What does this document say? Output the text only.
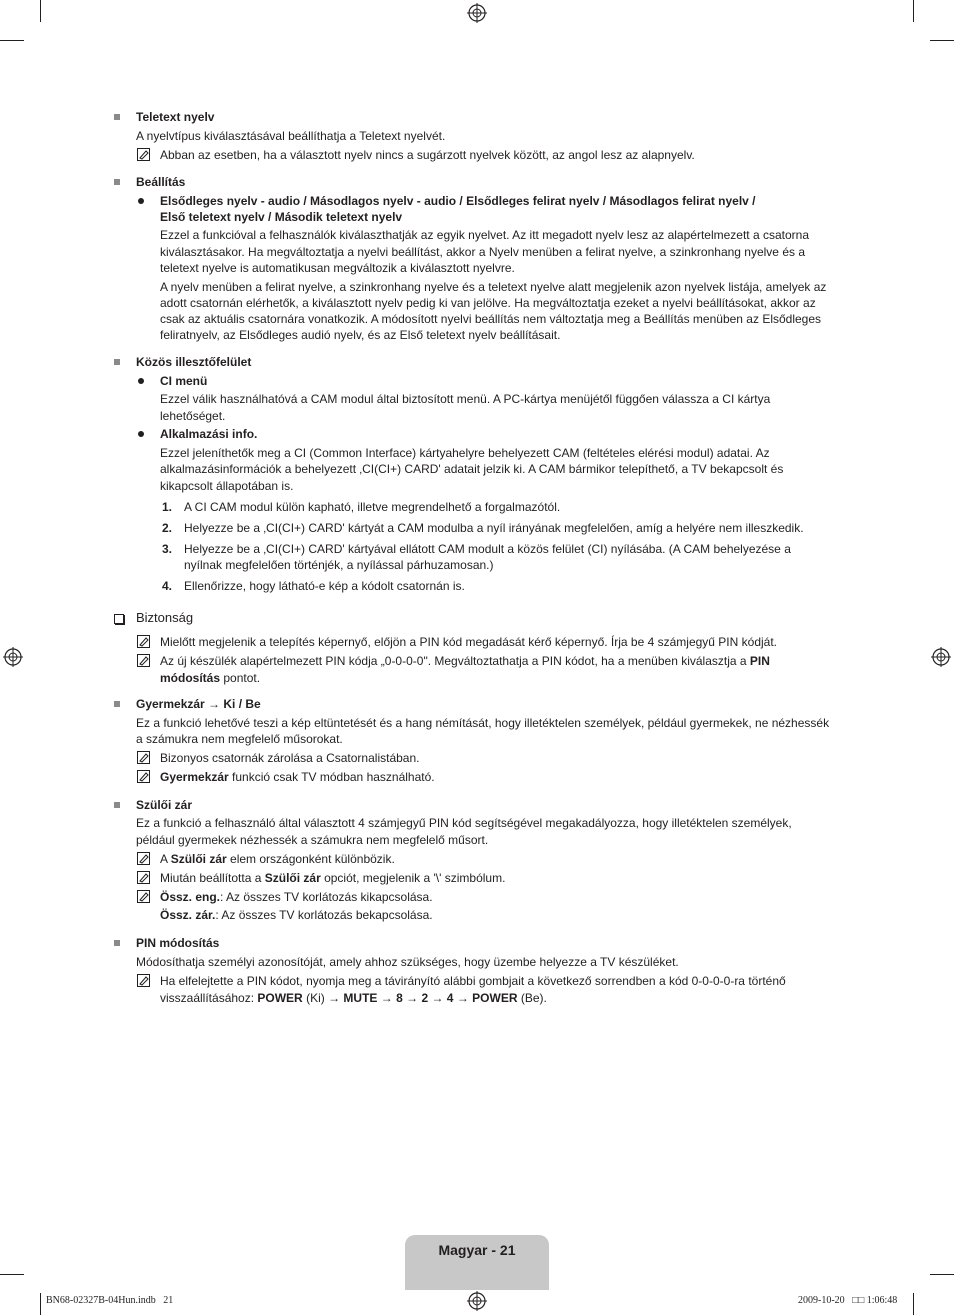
Teletext nyelv
A nyelvtípus kiválasztásával beállíthatja a Teletext nyelvét.
Abban az esetben, ha a választott nyelv nincs a sugárzott nyelvek között, az angol lesz az alapnyelv.
Beállítás
Elsődleges nyelv - audio / Másodlagos nyelv - audio / Elsődleges felirat nyelv / Másodlagos felirat nyelv /
Első teletext nyelv / Második teletext nyelv
Ezzel a funkcióval a felhasználók kiválaszthatják az egyik nyelvet. Az itt megadott nyelv lesz az alapértelmezett a csatorna
kiválasztásakor. Ha megváltoztatja a nyelvi beállítást, akkor a Nyelv menüben a felirat nyelve, a szinkronhang nyelve és a
teletext nyelve is automatikusan megváltozik a kiválasztott nyelvre.
A nyelv menüben a felirat nyelve, a szinkronhang nyelve és a teletext nyelve alatt megjelenik azon nyelvek listája, amelyek az
adott csatornán elérhetők, a kiválasztott nyelv pedig ki van jelölve. Ha megváltoztatja ezeket a nyelvi beállításokat, akkor az
csak az aktuális csatornára vonatkozik. A módosított nyelvi beállítás nem változtatja meg a Beállítás menüben az Elsődleges
feliratnyelv, az Elsődleges audió nyelv, és az Első teletext nyelv beállításait.
Közös illesztőfelület
CI menü
Ezzel válik használhatóvá a CAM modul által biztosított menü. A PC-kártya menüjétől függően válassza a CI kártya
lehetőséget.
Alkalmazási info.
Ezzel jeleníthetők meg a CI (Common Interface) kártyahelyre behelyezett CAM (feltételes elérési modul) adatai. Az
alkalmazásinformációk a behelyezett ‚CI(CI+) CARD' adatait jelzik ki. A CAM bármikor telepíthető, a TV bekapcsolt és
kikapcsolt állapotában is.
1. A CI CAM modul külön kapható, illetve megrendelhető a forgalmazótól.
2. Helyezze be a ‚CI(CI+) CARD' kártyát a CAM modulba a nyíl irányának megfelelően, amíg a helyére nem illeszkedik.
3. Helyezze be a ‚CI(CI+) CARD' kártyával ellátott CAM modult a közös felület (CI) nyílásába. (A CAM behelyezése a
nyílnak megfelelően történjék, a nyílással párhuzamosan.)
4. Ellenőrizze, hogy látható-e kép a kódolt csatornán is.
Biztonság
Mielőtt megjelenik a telepítés képernyő, előjön a PIN kód megadását kérő képernyő. Írja be 4 számjegyű PIN kódját.
Az új készülék alapértelmezett PIN kódja „0-0-0-0". Megváltoztathatja a PIN kódot, ha a menüben kiválasztja a PIN
módosítás pontot.
Gyermekzár → Ki / Be
Ez a funkció lehetővé teszi a kép eltüntetését és a hang némítását, hogy illetéktelen személyek, például gyermekek, ne nézhessék
a számukra nem megfelelő műsorokat.
Bizonyos csatornák zárolása a Csatornalistában.
Gyermekzár funkció csak TV módban használható.
Szülői zár
Ez a funkció a felhasználó által választott 4 számjegyű PIN kód segítségével megakadályozza, hogy illetéktelen személyek,
például gyermekek nézhessék a számukra nem megfelelő műsort.
A Szülői zár elem országonként különbözik.
Miután beállította a Szülői zár opciót, megjelenik a '\' szimbólum.
Össz. eng.: Az összes TV korlátozás kikapcsolása.
Össz. zár.: Az összes TV korlátozás bekapcsolása.
PIN módosítás
Módosíthatja személyi azonosítóját, amely ahhoz szükséges, hogy üzembe helyezze a TV készüléket.
Ha elfelejtette a PIN kódot, nyomja meg a távirányító alábbi gombjait a következő sorrendben a kód 0-0-0-0-ra történő
visszaállításához: POWER (Ki) → MUTE → 8 → 2 → 4 → POWER (Be).
Magyar - 21
BN68-02327B-04Hun.indb   21	2009-10-20   □□ 1:06:48
